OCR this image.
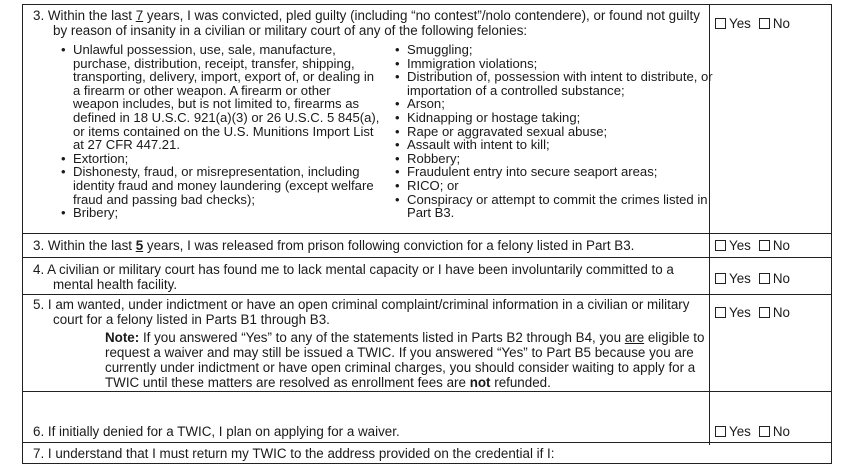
3. Within the last 7 years, I was convicted, pled guilty (including “no contest”/nolo contendere), or found not guilty
by reason of insanity in a civilian or military court of any of the following felonies:	Yes No
• Unlawful possession, use, sale, manufacture,
purchase, distribution, receipt, transfer, shipping,
transporting, delivery, import, export of, or dealing in
a firearm or other weapon. A firearm or other
weapon includes, but is not limited to, firearms as
defined in 18 U.S.C. 921(a)(3) or 26 U.S.C. 5 845(a),
or items contained on the U.S. Munitions Import List
at 27 CFR 447.21.
• Extortion;
• Dishonesty, fraud, or misrepresentation, including
identity fraud and money laundering (except welfare
fraud and passing bad checks);
• Bribery;
• Smuggling;
• Immigration violations;
• Distribution of, possession with intent to distribute, or
importation of a controlled substance;
• Arson;
• Kidnapping or hostage taking;
• Rape or aggravated sexual abuse;
• Assault with intent to kill;
• Robbery;
• Fraudulent entry into secure seaport areas;
• RICO; or
• Conspiracy or attempt to commit the crimes listed in
Part B3.
3. Within the last 5 years, I was released from prison following conviction for a felony listed in Part B3.	Yes No
4. A civilian or military court has found me to lack mental capacity or I have been involuntarily committed to a
mental health facility.	Yes No
5. I am wanted, under indictment or have an open criminal complaint/criminal information in a civilian or military
court for a felony listed in Parts B1 through B3.	Yes No
Note: If you answered “Yes” to any of the statements listed in Parts B2 through B4, you are eligible to
request a waiver and may still be issued a TWIC. If you answered “Yes” to Part B5 because you are
currently under indictment or have open criminal charges, you should consider waiting to apply for a
TWIC until these matters are resolved as enrollment fees are not refunded.
6. If initially denied for a TWIC, I plan on applying for a waiver.	Yes No
7. I understand that I must return my TWIC to the address provided on the credential if I:
